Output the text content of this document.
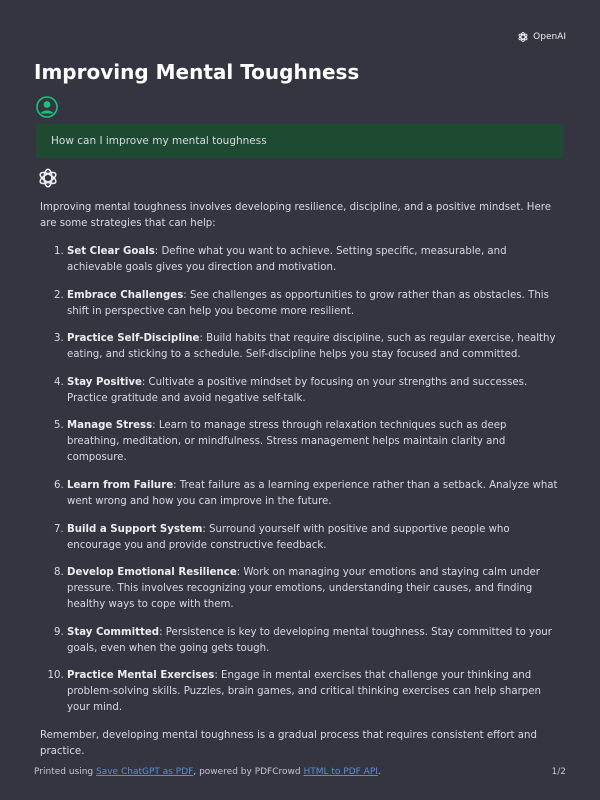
OpenAI
Improving Mental Toughness
How can I improve my mental toughness

Improving mental toughness involves developing resilience, discipline, and a positive mindset. Here are some strategies that can help:

1. Set Clear Goals: Define what you want to achieve. Setting specific, measurable, and achievable goals gives you direction and motivation.
2. Embrace Challenges: See challenges as opportunities to grow rather than as obstacles. This shift in perspective can help you become more resilient.
3. Practice Self-Discipline: Build habits that require discipline, such as regular exercise, healthy eating, and sticking to a schedule. Self-discipline helps you stay focused and committed.
4. Stay Positive: Cultivate a positive mindset by focusing on your strengths and successes. Practice gratitude and avoid negative self-talk.
5. Manage Stress: Learn to manage stress through relaxation techniques such as deep breathing, meditation, or mindfulness. Stress management helps maintain clarity and composure.
6. Learn from Failure: Treat failure as a learning experience rather than a setback. Analyze what went wrong and how you can improve in the future.
7. Build a Support System: Surround yourself with positive and supportive people who encourage you and provide constructive feedback.
8. Develop Emotional Resilience: Work on managing your emotions and staying calm under pressure. This involves recognizing your emotions, understanding their causes, and finding healthy ways to cope with them.
9. Stay Committed: Persistence is key to developing mental toughness. Stay committed to your goals, even when the going gets tough.
10. Practice Mental Exercises: Engage in mental exercises that challenge your thinking and problem-solving skills. Puzzles, brain games, and critical thinking exercises can help sharpen your mind.

Remember, developing mental toughness is a gradual process that requires consistent effort and practice.

Printed using Save ChatGPT as PDF, powered by PDFCrowd HTML to PDF API.	1/2
